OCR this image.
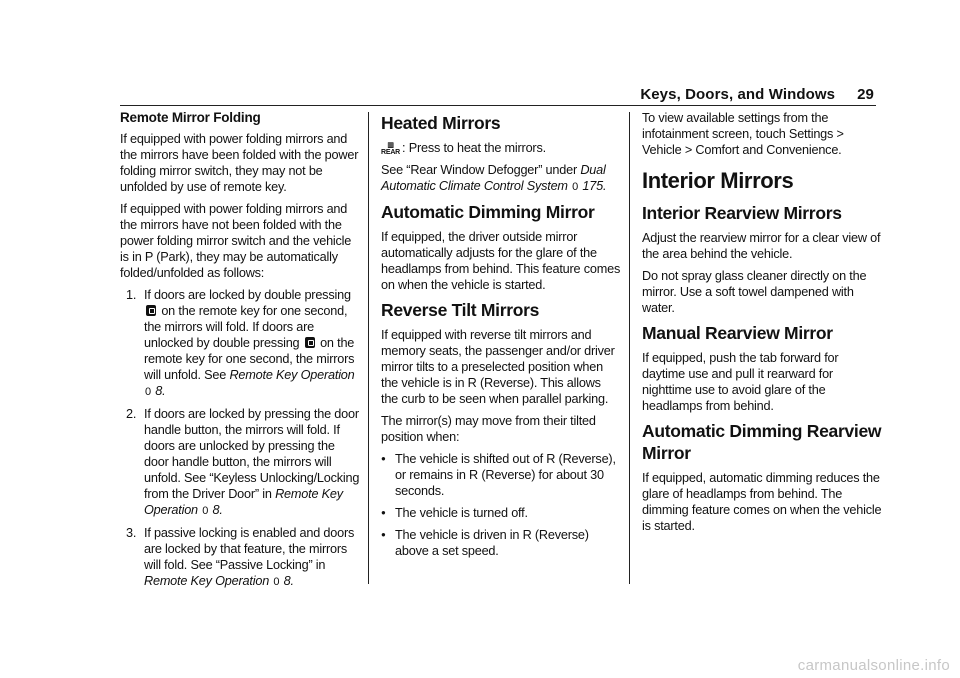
Keys, Doors, and Windows 29
Remote Mirror Folding

If equipped with power folding mirrors and the mirrors have been folded with the power folding mirror switch, they may not be unfolded by use of remote key.

If equipped with power folding mirrors and the mirrors have not been folded with the power folding mirror switch and the vehicle is in P (Park), they may be automatically folded/unfolded as follows:

1. If doors are locked by double pressing  on the remote key for one second, the mirrors will fold. If doors are unlocked by double pressing on the remote key for one second, the mirrors will unfold. See Remote Key Operation 0 8.
2. If doors are locked by pressing the door handle button, the mirrors will fold. If doors are unlocked by pressing the door handle button, the mirrors will unfold. See “Keyless Unlocking/Locking from the Driver Door” in Remote Key Operation 0 8.
3. If passive locking is enabled and doors are locked by that feature, the mirrors will fold. See “Passive Locking” in Remote Key Operation 0 8.
Heated Mirrors

▥
REAR : Press to heat the mirrors.

See “Rear Window Defogger” under Dual Automatic Climate Control System 0 175.

Automatic Dimming Mirror

If equipped, the driver outside mirror automatically adjusts for the glare of the headlamps from behind. This feature comes on when the vehicle is started.

Reverse Tilt Mirrors

If equipped with reverse tilt mirrors and memory seats, the passenger and/or driver mirror tilts to a preselected position when the vehicle is in R (Reverse). This allows the curb to be seen when parallel parking.

The mirror(s) may move from their tilted position when:

● The vehicle is shifted out of R (Reverse), or remains in R (Reverse) for about 30 seconds.
● The vehicle is turned off.
● The vehicle is driven in R (Reverse) above a set speed.

To view available settings from the infotainment screen, touch Settings > Vehicle > Comfort and Convenience.

Interior Mirrors
Interior Rearview Mirrors

Adjust the rearview mirror for a clear view of the area behind the vehicle.

Do not spray glass cleaner directly on the mirror. Use a soft towel dampened with water.

Manual Rearview Mirror

If equipped, push the tab forward for daytime use and pull it rearward for nighttime use to avoid glare of the headlamps from behind.

Automatic Dimming Rearview Mirror

If equipped, automatic dimming reduces the glare of headlamps from behind. The dimming feature comes on when the vehicle is started.

carmanualsonline.info
